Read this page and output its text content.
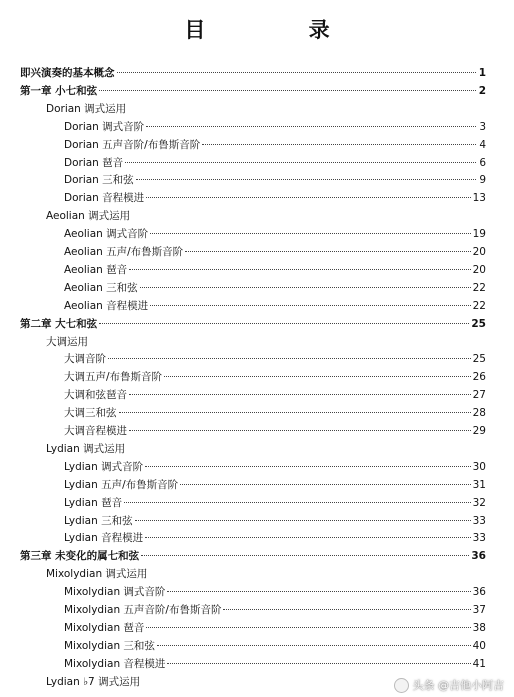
目 录
即兴演奏的基本概念	1
第一章 小七和弦	2
Dorian 调式运用
Dorian 调式音阶	3
Dorian 五声音阶/布鲁斯音阶	4
Dorian 琶音	6
Dorian 三和弦	9
Dorian 音程模进	13
Aeolian 调式运用
Aeolian 调式音阶	19
Aeolian 五声/布鲁斯音阶	20
Aeolian 琶音	20
Aeolian 三和弦	22
Aeolian 音程模进	22
第二章 大七和弦	25
大调运用
大调音阶	25
大调五声/布鲁斯音阶	26
大调和弦琶音	27
大调三和弦	28
大调音程模进	29
Lydian 调式运用
Lydian 调式音阶	30
Lydian 五声/布鲁斯音阶	31
Lydian 琶音	32
Lydian 三和弦	33
Lydian 音程模进	33
第三章 未变化的属七和弦	36
Mixolydian 调式运用
Mixolydian 调式音阶	36
Mixolydian 五声音阶/布鲁斯音阶	37
Mixolydian 琶音	38
Mixolydian 三和弦	40
Mixolydian 音程模进	41
Lydian ♭7 调式运用	头条 @吉他小阿吉
